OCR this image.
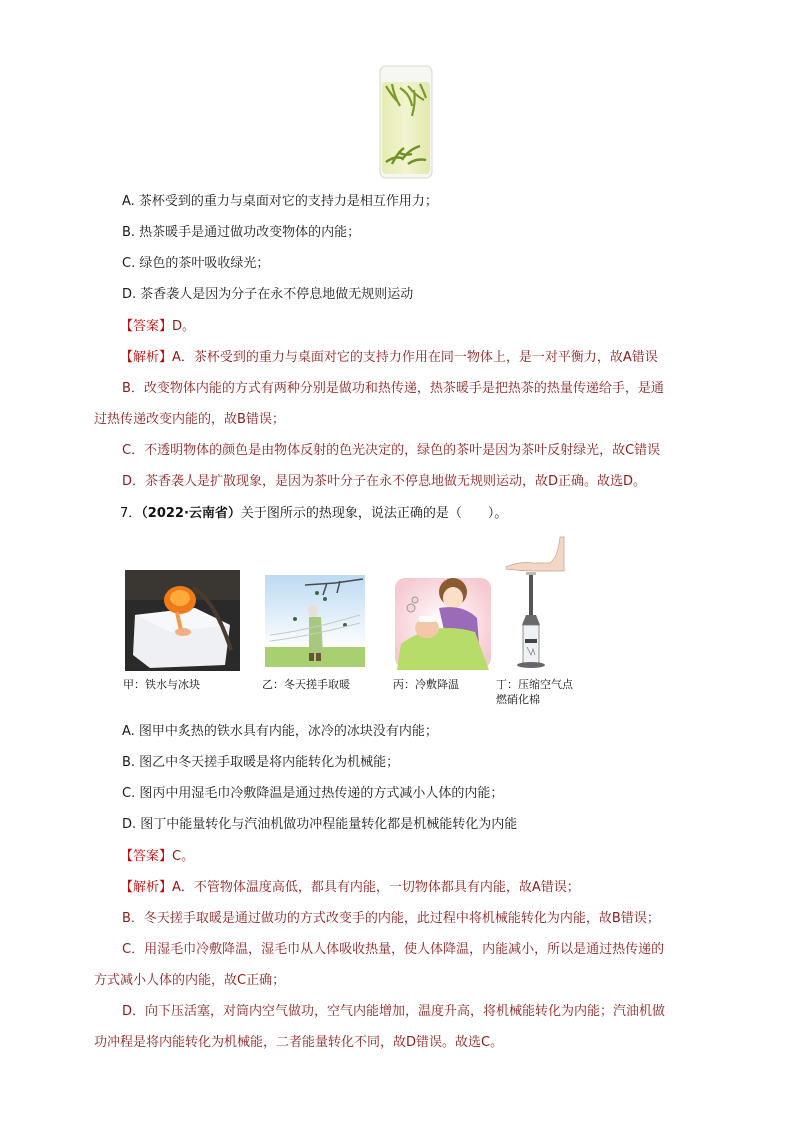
A. 茶杯受到的重力与桌面对它的支持力是相互作用力；
B. 热茶暖手是通过做功改变物体的内能；
C. 绿色的茶叶吸收绿光；
D. 茶香袭人是因为分子在永不停息地做无规则运动
【答案】D。
【解析】A．茶杯受到的重力与桌面对它的支持力作用在同一物体上，是一对平衡力，故A错误
B．改变物体内能的方式有两种分别是做功和热传递，热茶暖手是把热茶的热量传递给手，是通
过热传递改变内能的，故B错误；
C．不透明物体的颜色是由物体反射的色光决定的，绿色的茶叶是因为茶叶反射绿光，故C错误
D．茶香袭人是扩散现象，是因为茶叶分子在永不停息地做无规则运动，故D正确。故选D。
7．（2022·云南省）关于图所示的热现象，说法正确的是（　　）。
甲：铁水与冰块	乙：冬天搓手取暖	丙：冷敷降温	丁：压缩空气点
燃硝化棉
A. 图甲中炙热的铁水具有内能，冰冷的冰块没有内能；
B. 图乙中冬天搓手取暖是将内能转化为机械能；
C. 图丙中用湿毛巾冷敷降温是通过热传递的方式减小人体的内能；
D. 图丁中能量转化与汽油机做功冲程能量转化都是机械能转化为内能
【答案】C。
【解析】A．不管物体温度高低，都具有内能，一切物体都具有内能，故A错误；
B．冬天搓手取暖是通过做功的方式改变手的内能，此过程中将机械能转化为内能，故B错误；
C．用湿毛巾冷敷降温，湿毛巾从人体吸收热量，使人体降温，内能减小，所以是通过热传递的
方式减小人体的内能，故C正确；
D．向下压活塞，对筒内空气做功，空气内能增加，温度升高，将机械能转化为内能；汽油机做
功冲程是将内能转化为机械能，二者能量转化不同，故D错误。故选C。
